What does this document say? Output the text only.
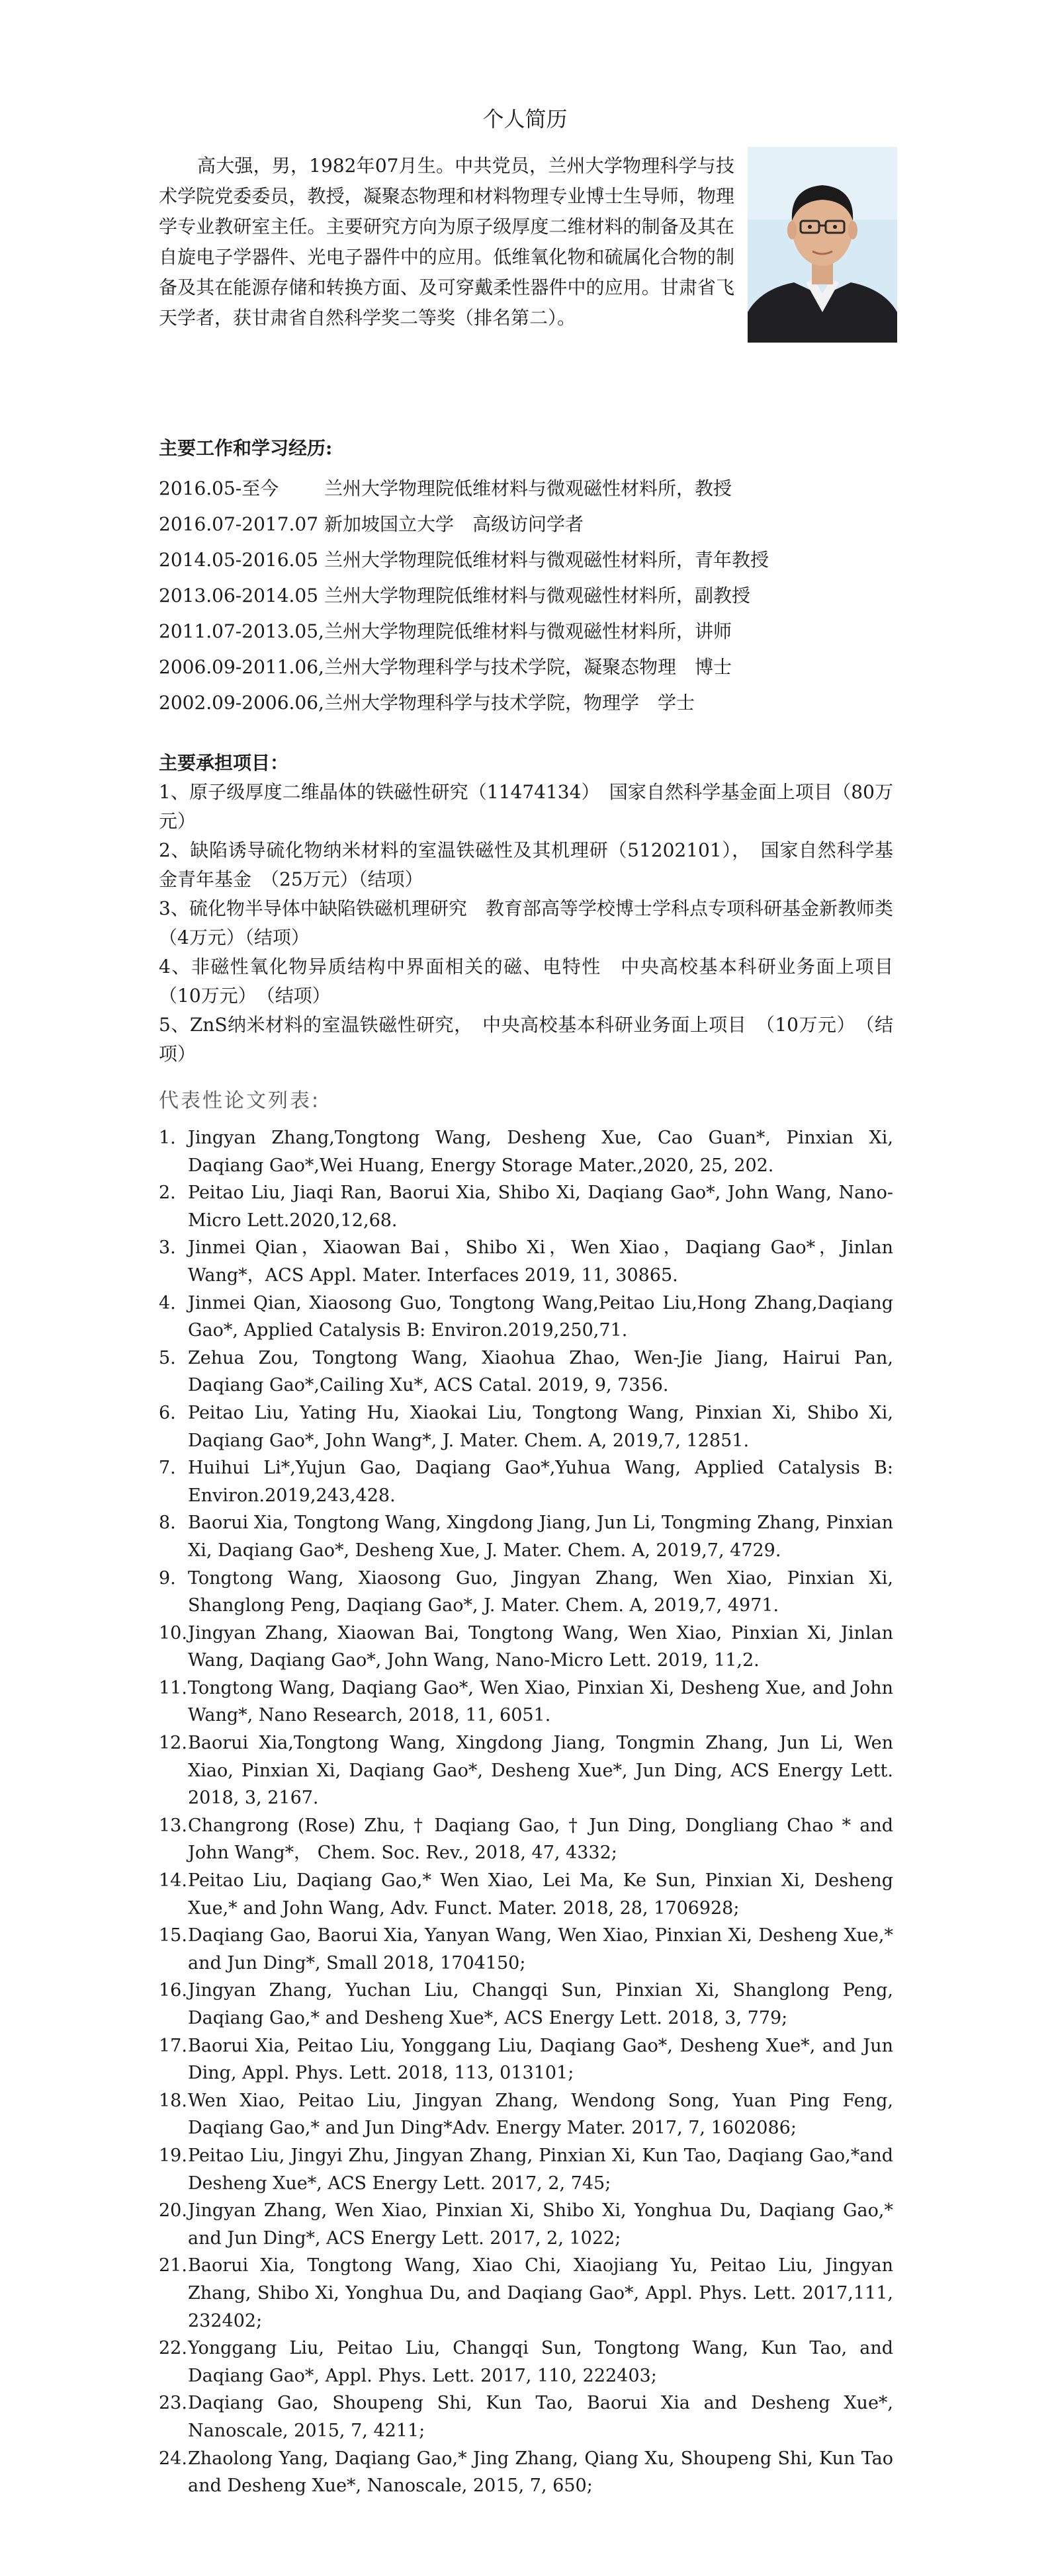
个人简历

高大强，男，1982年07月生。中共党员，兰州大学物理科学与技术学院党委委员，教授，凝聚态物理和材料物理专业博士生导师，物理学专业教研室主任。主要研究方向为原子级厚度二维材料的制备及其在自旋电子学器件、光电子器件中的应用。低维氧化物和硫属化合物的制备及其在能源存储和转换方面、及可穿戴柔性器件中的应用。甘肃省飞天学者，获甘肃省自然科学奖二等奖（排名第二）。

主要工作和学习经历:
2016.05-至今 兰州大学物理院低维材料与微观磁性材料所，教授
2016.07-2017.07 新加坡国立大学　高级访问学者
2014.05-2016.05 兰州大学物理院低维材料与微观磁性材料所，青年教授
2013.06-2014.05 兰州大学物理院低维材料与微观磁性材料所，副教授
2011.07-2013.05,兰州大学物理院低维材料与微观磁性材料所，讲师
2006.09-2011.06,兰州大学物理科学与技术学院，凝聚态物理　博士
2002.09-2006.06,兰州大学物理科学与技术学院，物理学　学士
主要承担项目：
1、原子级厚度二维晶体的铁磁性研究（11474134）　国家自然科学基金面上项目（80万元）
2、缺陷诱导硫化物纳米材料的室温铁磁性及其机理研（51202101），　国家自然科学基金青年基金　（25万元）（结项）
3、硫化物半导体中缺陷铁磁机理研究　教育部高等学校博士学科点专项科研基金新教师类（4万元）（结项）
4、非磁性氧化物异质结构中界面相关的磁、电特性　中央高校基本科研业务面上项目　（10万元）　（结项）
5、ZnS纳米材料的室温铁磁性研究，　中央高校基本科研业务面上项目　（10万元）　（结项）
代表性论文列表:
1. Jingyan Zhang,Tongtong Wang, Desheng Xue, Cao Guan*, Pinxian Xi, Daqiang Gao*,Wei Huang, Energy Storage Mater.,2020, 25, 202.
2. Peitao Liu, Jiaqi Ran, Baorui Xia, Shibo Xi, Daqiang Gao*, John Wang, Nano-Micro Lett.2020,12,68.
3. Jinmei Qian，Xiaowan Bai，Shibo Xi，Wen Xiao，Daqiang Gao*，Jinlan Wang*，ACS Appl. Mater. Interfaces 2019, 11, 30865.
4. Jinmei Qian, Xiaosong Guo, Tongtong Wang,Peitao Liu,Hong Zhang,Daqiang Gao*, Applied Catalysis B: Environ.2019,250,71.
5. Zehua Zou, Tongtong Wang, Xiaohua Zhao, Wen-Jie Jiang, Hairui Pan, Daqiang Gao*,Cailing Xu*, ACS Catal. 2019, 9, 7356.
6. Peitao Liu, Yating Hu, Xiaokai Liu, Tongtong Wang, Pinxian Xi, Shibo Xi, Daqiang Gao*, John Wang*, J. Mater. Chem. A, 2019,7, 12851.
7. Huihui Li*,Yujun Gao, Daqiang Gao*,Yuhua Wang, Applied Catalysis B: Environ.2019,243,428.
8. Baorui Xia, Tongtong Wang, Xingdong Jiang, Jun Li, Tongming Zhang, Pinxian Xi, Daqiang Gao*, Desheng Xue, J. Mater. Chem. A, 2019,7, 4729.
9. Tongtong Wang, Xiaosong Guo, Jingyan Zhang, Wen Xiao, Pinxian Xi, Shanglong Peng, Daqiang Gao*, J. Mater. Chem. A, 2019,7, 4971.
10. Jingyan Zhang, Xiaowan Bai, Tongtong Wang, Wen Xiao, Pinxian Xi, Jinlan Wang, Daqiang Gao*, John Wang, Nano-Micro Lett. 2019, 11,2.
11. Tongtong Wang, Daqiang Gao*, Wen Xiao, Pinxian Xi, Desheng Xue, and John Wang*, Nano Research, 2018, 11, 6051.
12. Baorui Xia,Tongtong Wang, Xingdong Jiang, Tongmin Zhang, Jun Li, Wen Xiao, Pinxian Xi, Daqiang Gao*, Desheng Xue*, Jun Ding, ACS Energy Lett. 2018, 3, 2167.
13. Changrong (Rose) Zhu, † Daqiang Gao, † Jun Ding, Dongliang Chao * and John Wang*， Chem. Soc. Rev., 2018, 47, 4332;
14. Peitao Liu, Daqiang Gao,* Wen Xiao, Lei Ma, Ke Sun, Pinxian Xi, Desheng Xue,* and John Wang, Adv. Funct. Mater. 2018, 28, 1706928;
15. Daqiang Gao, Baorui Xia, Yanyan Wang, Wen Xiao, Pinxian Xi, Desheng Xue,* and Jun Ding*, Small 2018, 1704150;
16. Jingyan Zhang, Yuchan Liu, Changqi Sun, Pinxian Xi, Shanglong Peng, Daqiang Gao,* and Desheng Xue*, ACS Energy Lett. 2018, 3, 779;
17. Baorui Xia, Peitao Liu, Yonggang Liu, Daqiang Gao*, Desheng Xue*, and Jun Ding, Appl. Phys. Lett. 2018, 113, 013101;
18. Wen Xiao, Peitao Liu, Jingyan Zhang, Wendong Song, Yuan Ping Feng, Daqiang Gao,* and Jun Ding*Adv. Energy Mater. 2017, 7, 1602086;
19. Peitao Liu, Jingyi Zhu, Jingyan Zhang, Pinxian Xi, Kun Tao, Daqiang Gao,*and Desheng Xue*, ACS Energy Lett. 2017, 2, 745;
20. Jingyan Zhang, Wen Xiao, Pinxian Xi, Shibo Xi, Yonghua Du, Daqiang Gao,* and Jun Ding*, ACS Energy Lett. 2017, 2, 1022;
21. Baorui Xia, Tongtong Wang, Xiao Chi, Xiaojiang Yu, Peitao Liu, Jingyan Zhang, Shibo Xi, Yonghua Du, and Daqiang Gao*, Appl. Phys. Lett. 2017,111, 232402;
22. Yonggang Liu, Peitao Liu, Changqi Sun, Tongtong Wang, Kun Tao, and Daqiang Gao*, Appl. Phys. Lett. 2017, 110, 222403;
23. Daqiang Gao, Shoupeng Shi, Kun Tao, Baorui Xia and Desheng Xue*, Nanoscale, 2015, 7, 4211;
24. Zhaolong Yang, Daqiang Gao,* Jing Zhang, Qiang Xu, Shoupeng Shi, Kun Tao and Desheng Xue*, Nanoscale, 2015, 7, 650;
